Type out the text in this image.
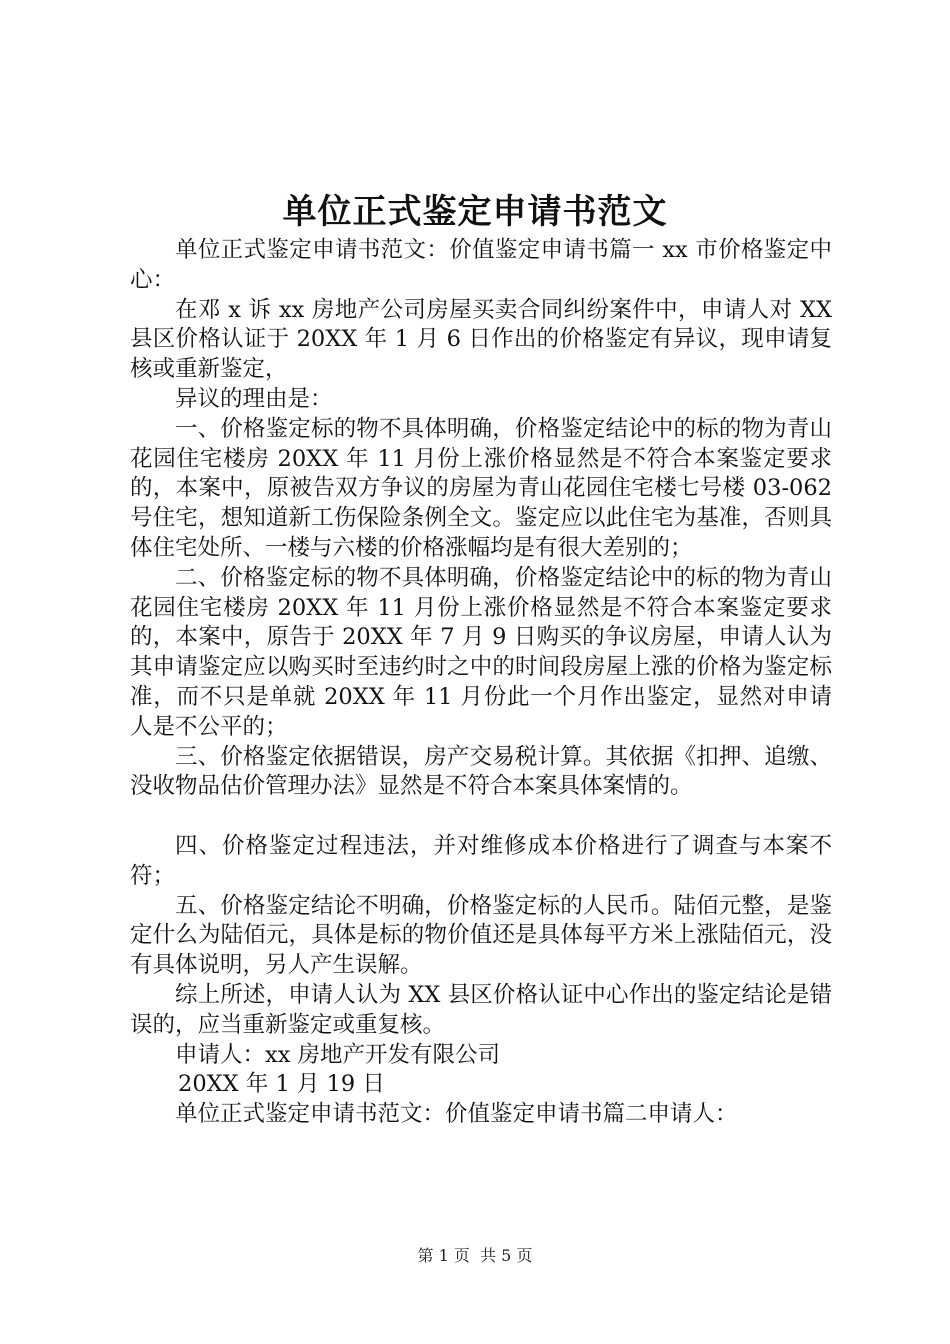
单位正式鉴定申请书范文

单位正式鉴定申请书范文：价值鉴定申请书篇一 xx 市价格鉴定中心：

在邓 x 诉 xx 房地产公司房屋买卖合同纠纷案件中，申请人对 XX 县区价格认证于 20XX 年 1 月 6 日作出的价格鉴定有异议，现申请复核或重新鉴定，

异议的理由是：

一、价格鉴定标的物不具体明确，价格鉴定结论中的标的物为青山花园住宅楼房 20XX 年 11 月份上涨价格显然是不符合本案鉴定要求的，本案中，原被告双方争议的房屋为青山花园住宅楼七号楼 03-062 号住宅，想知道新工伤保险条例全文。鉴定应以此住宅为基准，否则具体住宅处所、一楼与六楼的价格涨幅均是有很大差别的；

二、价格鉴定标的物不具体明确，价格鉴定结论中的标的物为青山花园住宅楼房 20XX 年 11 月份上涨价格显然是不符合本案鉴定要求的，本案中，原告于 20XX 年 7 月 9 日购买的争议房屋，申请人认为其申请鉴定应以购买时至违约时之中的时间段房屋上涨的价格为鉴定标准，而不只是单就 20XX 年 11 月份此一个月作出鉴定，显然对申请人是不公平的；

三、价格鉴定依据错误，房产交易税计算。其依据《扣押、追缴、没收物品估价管理办法》显然是不符合本案具体案情的。

四、价格鉴定过程违法，并对维修成本价格进行了调查与本案不符；

五、价格鉴定结论不明确，价格鉴定标的人民币。陆佰元整，是鉴定什么为陆佰元，具体是标的物价值还是具体每平方米上涨陆佰元，没有具体说明，另人产生误解。

综上所述，申请人认为 XX 县区价格认证中心作出的鉴定结论是错误的，应当重新鉴定或重复核。

申请人：xx 房地产开发有限公司

20XX 年 1 月 19 日

单位正式鉴定申请书范文：价值鉴定申请书篇二申请人：

第 1 页  共 5 页
